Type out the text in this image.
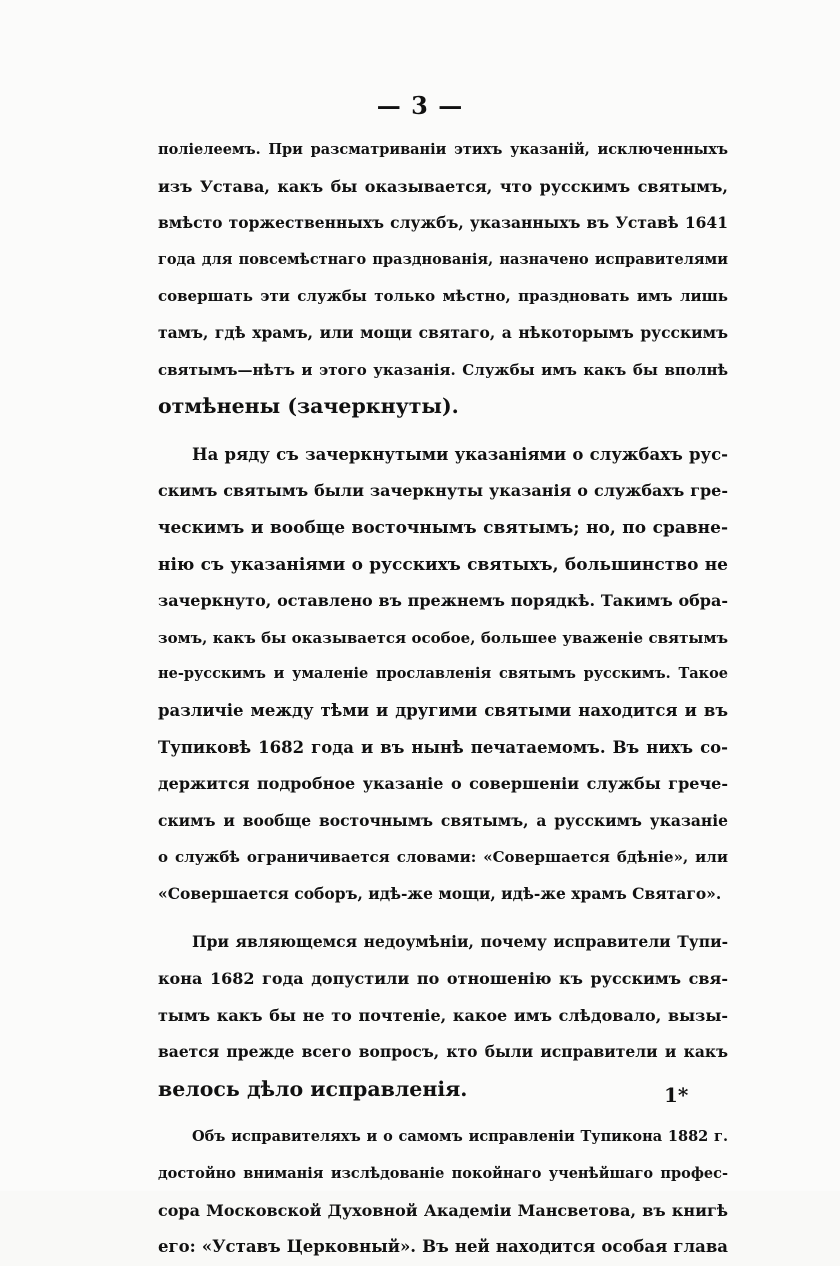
— 3 —
поліелеемъ. При разсматриваніи этихъ указаній, исключенныхъ
изъ Устава, какъ бы оказывается, что русскимъ святымъ,
вмѣсто торжественныхъ службъ, указанныхъ въ Уставѣ 1641
года для повсемѣстнаго празднованія, назначено исправителями
совершать эти службы только мѣстно, праздновать имъ лишь
тамъ, гдѣ храмъ, или мощи святаго, а нѣкоторымъ русскимъ
святымъ—нѣтъ и этого указанія. Службы имъ какъ бы вполнѣ
отмѣнены (зачеркнуты).
На ряду съ зачеркнутыми указаніями о службахъ рус-
скимъ святымъ были зачеркнуты указанія о службахъ гре-
ческимъ и вообще восточнымъ святымъ; но, по сравне-
нію съ указаніями о русскихъ святыхъ, большинство не
зачеркнуто, оставлено въ прежнемъ порядкѣ. Такимъ обра-
зомъ, какъ бы оказывается особое, большее уваженіе святымъ
не-русскимъ и умаленіе прославленія святымъ русскимъ. Такое
различіе между тѣми и другими святыми находится и въ
Тупиковѣ 1682 года и въ нынѣ печатаемомъ. Въ нихъ со-
держится подробное указаніе о совершеніи службы грече-
скимъ и вообще восточнымъ святымъ, а русскимъ указаніе
о службѣ ограничивается словами: «Совершается бдѣніе», или
«Совершается соборъ, идѣ-же мощи, идѣ-же храмъ Святаго».
При являющемся недоумѣніи, почему исправители Тупи-
кона 1682 года допустили по отношенію къ русскимъ свя-
тымъ какъ бы не то почтеніе, какое имъ слѣдовало, вызы-
вается прежде всего вопросъ, кто были исправители и какъ
велось дѣло исправленія.
Объ исправителяхъ и о самомъ исправленіи Тупикона 1882 г.
достойно вниманія изслѣдованіе покойнаго ученѣйшаго профес-
сора Московской Духовной Академіи Мансветова, въ книгѣ
его: «Уставъ Церковный». Въ ней находится особая глава
1*
